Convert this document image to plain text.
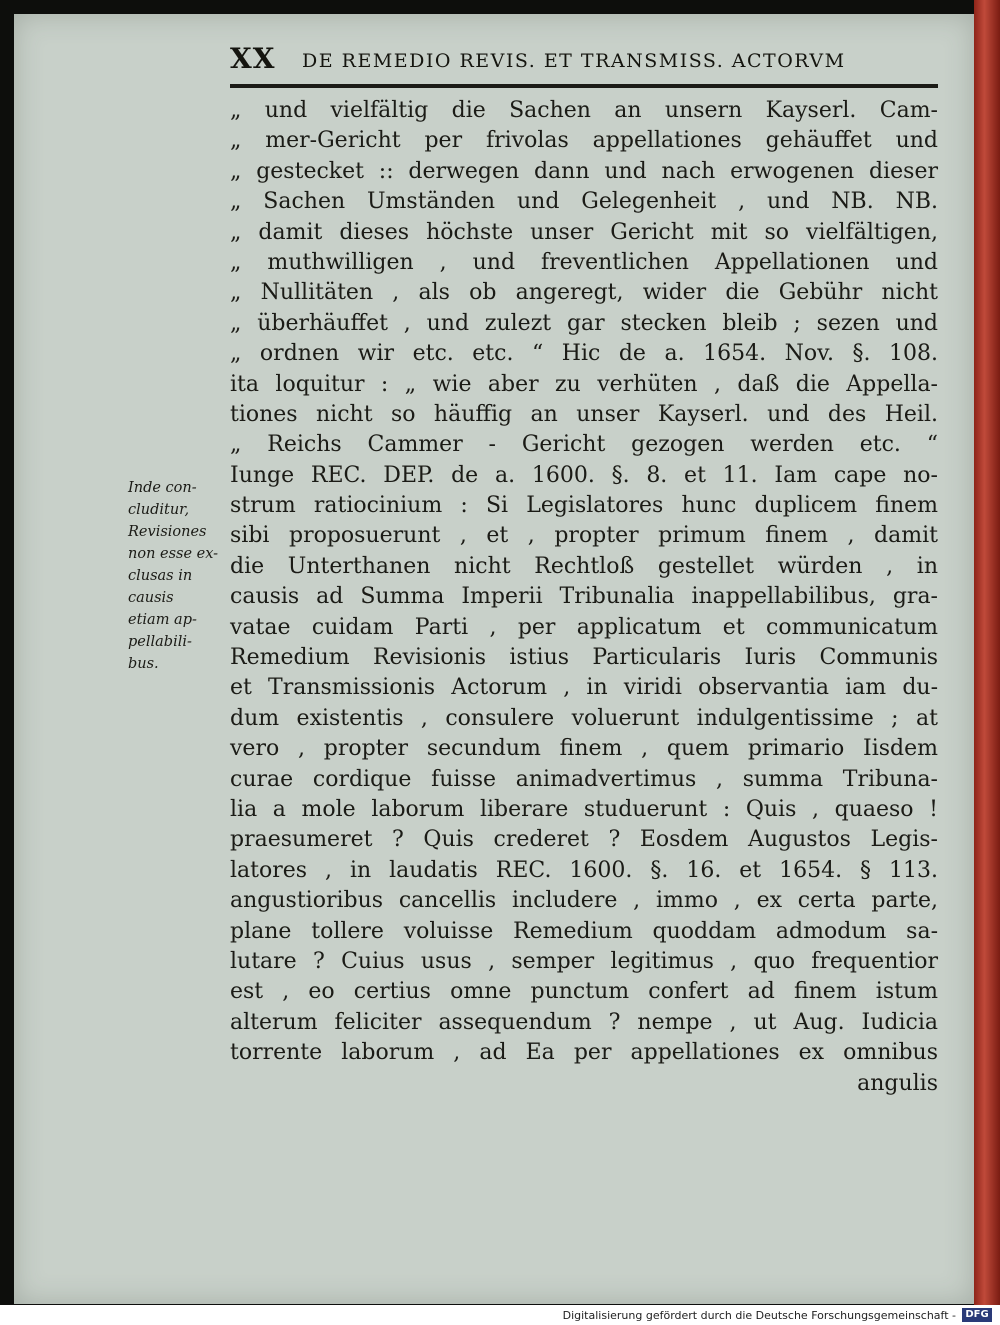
XX DE REMEDIO REVIS. ET TRANSMISS. ACTORVM
Inde con-
cluditur,
Revisiones
non esse ex-
clusas in
causis
etiam ap-
pellabili-
bus.
„ und vielfältig die Sachen an unsern Kayserl. Cam-
„ mer-Gericht per frivolas appellationes gehäuffet und
„ gestecket :: derwegen dann und nach erwogenen dieser
„ Sachen Umständen und Gelegenheit , und NB. NB.
„ damit dieses höchste unser Gericht mit so vielfältigen,
„ muthwilligen , und freventlichen Appellationen und
„ Nullitäten , als ob angeregt, wider die Gebühr nicht
„ überhäuffet , und zulezt gar stecken bleib ; sezen und
„ ordnen wir etc. etc. “ Hic de a. 1654. Nov. §. 108.
ita loquitur : „ wie aber zu verhüten , daß die Appella-
tiones nicht so häuffig an unser Kayserl. und des Heil.
„ Reichs Cammer - Gericht gezogen werden etc. “
Iunge REC. DEP. de a. 1600. §. 8. et 11. Iam cape no-
strum ratiocinium : Si Legislatores hunc duplicem finem
sibi proposuerunt , et , propter primum finem , damit
die Unterthanen nicht Rechtloß gestellet würden , in
causis ad Summa Imperii Tribunalia inappellabilibus, gra-
vatae cuidam Parti , per applicatum et communicatum
Remedium Revisionis istius Particularis Iuris Communis
et Transmissionis Actorum , in viridi observantia iam du-
dum existentis , consulere voluerunt indulgentissime ; at
vero , propter secundum finem , quem primario Iisdem
curae cordique fuisse animadvertimus , summa Tribuna-
lia a mole laborum liberare studuerunt : Quis , quaeso !
praesumeret ? Quis crederet ? Eosdem Augustos Legis-
latores , in laudatis REC. 1600. §. 16. et 1654. § 113.
angustioribus cancellis includere , immo , ex certa parte,
plane tollere voluisse Remedium quoddam admodum sa-
lutare ? Cuius usus , semper legitimus , quo frequentior
est , eo certius omne punctum confert ad finem istum
alterum feliciter assequendum ? nempe , ut Aug. Iudicia
torrente laborum , ad Ea per appellationes ex omnibus
angulis
Digitalisierung gefördert durch die Deutsche Forschungsgemeinschaft - DFG
